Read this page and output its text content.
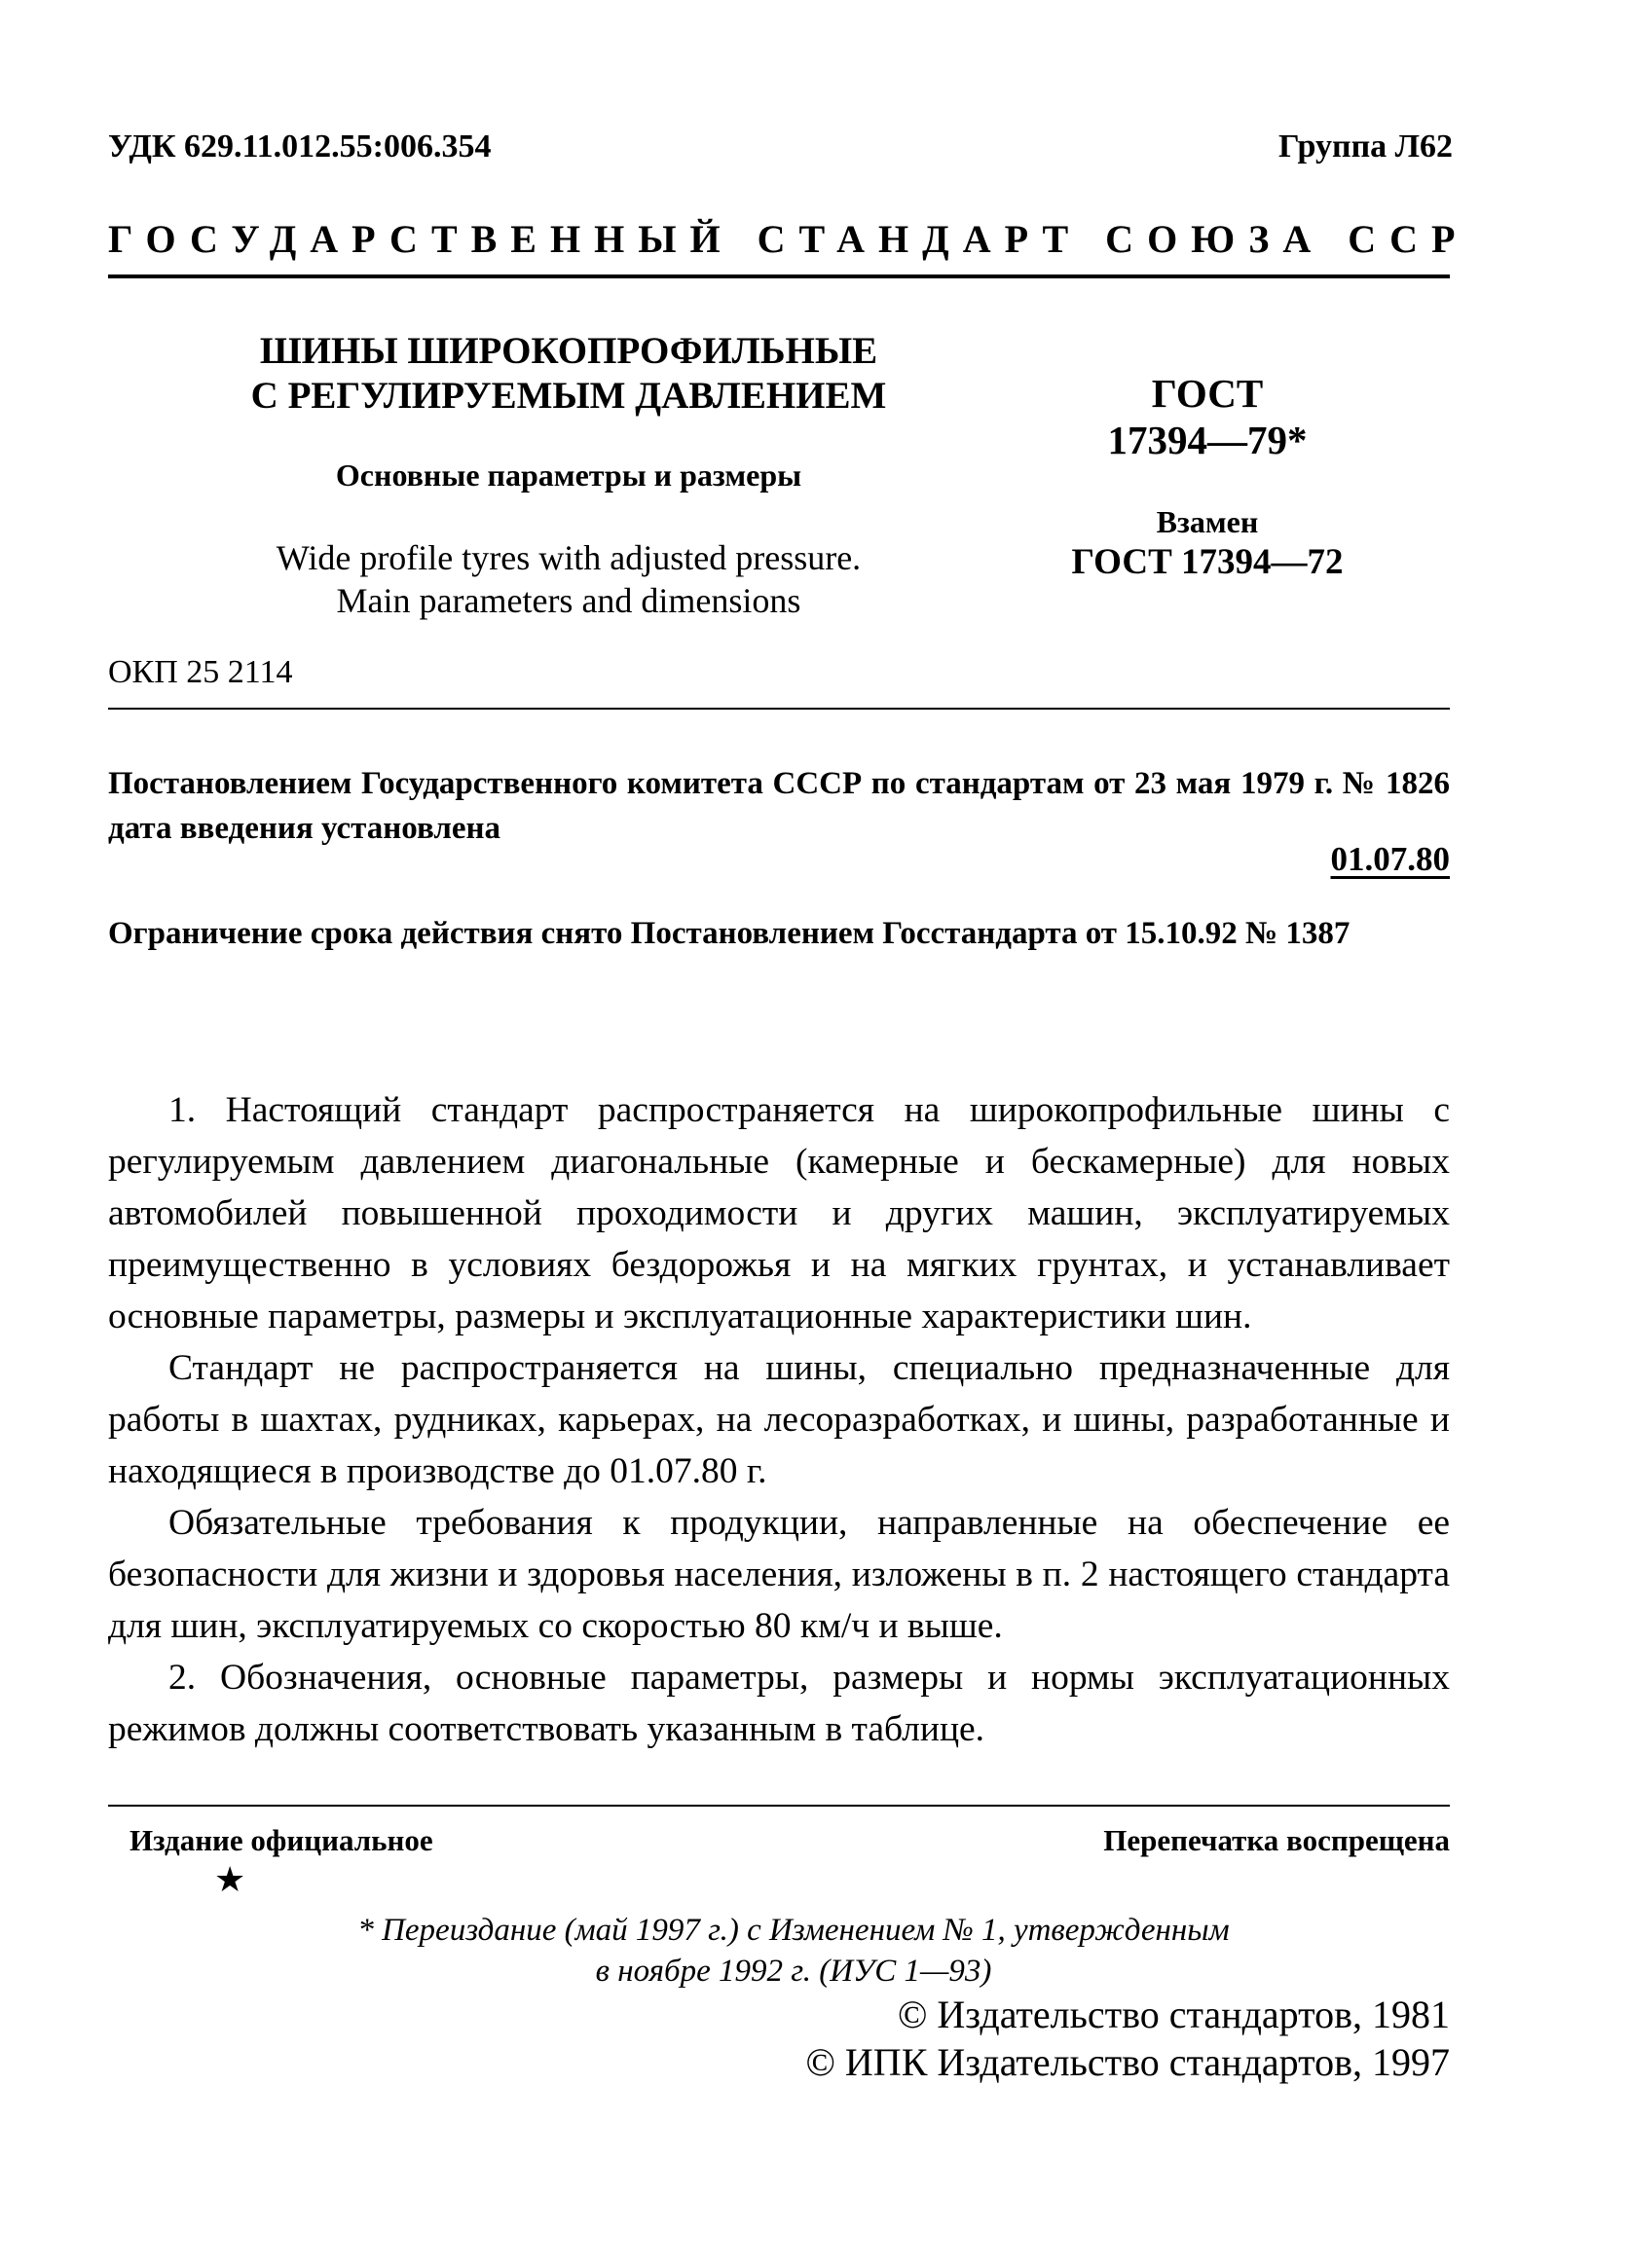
УДК 629.11.012.55:006.354	Группа Л62
ГОСУДАРСТВЕННЫЙ СТАНДАРТ СОЮЗА ССР
ШИНЫ ШИРОКОПРОФИЛЬНЫЕ
С РЕГУЛИРУЕМЫМ ДАВЛЕНИЕМ
Основные параметры и размеры
Wide profile tyres with adjusted pressure.
Main parameters and dimensions
ГОСТ
17394—79*
Взамен
ГОСТ 17394—72
ОКП 25 2114
Постановлением Государственного комитета СССР по стандартам от 23 мая 1979 г. № 1826 дата введения установлена
01.07.80
Ограничение срока действия снято Постановлением Госстандарта от 15.10.92 № 1387

1. Настоящий стандарт распространяется на широкопрофильные шины с регулируемым давлением диагональные (камерные и бескамерные) для новых автомобилей повышенной проходимости и других машин, эксплуатируемых преимущественно в условиях бездорожья и на мягких грунтах, и устанавливает основные параметры, размеры и эксплуатационные характеристики шин.

Стандарт не распространяется на шины, специально предназначенные для работы в шахтах, рудниках, карьерах, на лесоразработках, и шины, разработанные и находящиеся в производстве до 01.07.80 г.

Обязательные требования к продукции, направленные на обеспечение ее безопасности для жизни и здоровья населения, изложены в п. 2 настоящего стандарта для шин, эксплуатируемых со скоростью 80 км/ч и выше.

2. Обозначения, основные параметры, размеры и нормы эксплуатационных режимов должны соответствовать указанным в таблице.

Издание официальное
★
Перепечатка воспрещена
* Переиздание (май 1997 г.) с Изменением № 1, утвержденным
в ноябре 1992 г. (ИУС 1—93)
© Издательство стандартов, 1981
© ИПК Издательство стандартов, 1997
